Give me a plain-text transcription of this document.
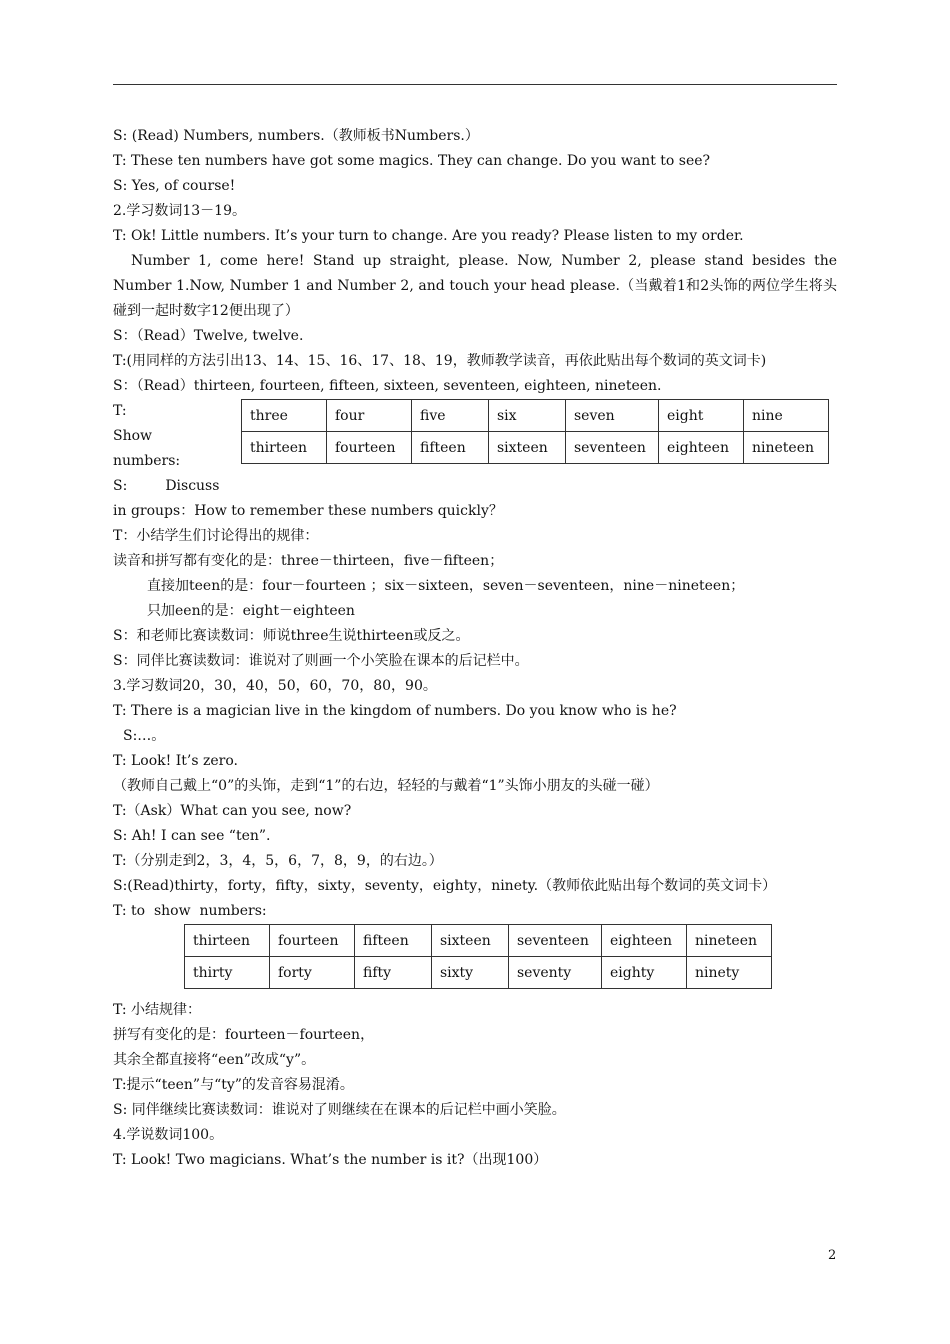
S: (Read) Numbers, numbers.（教师板书Numbers.）
T: These ten numbers have got some magics. They can change. Do you want to see?
S: Yes, of course!
2.学习数词13－19。
T: Ok! Little numbers. It’s your turn to change. Are you ready? Please listen to my order.
Number 1, come here! Stand up straight, please. Now, Number 2, please stand besides the Number 1.Now, Number 1 and Number 2, and touch your head please.（当戴着1和2头饰的两位学生将头碰到一起时数字12便出现了）
S：（Read）Twelve, twelve.
T:(用同样的方法引出13、14、15、16、17、18、19，教师教学读音，再依此贴出每个数词的英文词卡)
S：（Read）thirteen, fourteen, fifteen, sixteen, seventeen, eighteen, nineteen.
T:
Show
numbers:
S:	Discuss
three	four	five	six	seven	eight	nine
thirteen	fourteen	fifteen	sixteen	seventeen	eighteen	nineteen
in groups：How to remember these numbers quickly？
T：小结学生们讨论得出的规律：
读音和拼写都有变化的是：three－thirteen，five－fifteen；
直接加teen的是：four－fourteen ；six－sixteen，seven－seventeen，nine－nineteen；
只加een的是：eight－eighteen
S：和老师比赛读数词：师说three生说thirteen或反之。
S：同伴比赛读数词：谁说对了则画一个小笑脸在课本的后记栏中。
3.学习数词20，30，40，50，60，70，80，90。
T: There is a magician live in the kingdom of numbers. Do you know who is he?
S:…。
T: Look! It’s zero.
（教师自己戴上“0”的头饰，走到“1”的右边，轻轻的与戴着“1”头饰小朋友的头碰一碰）
T:（Ask）What can you see, now?
S: Ah! I can see “ten”.
T:（分别走到2，3，4，5，6，7，8，9，的右边。）
S:(Read)thirty，forty，fifty，sixty，seventy，eighty，ninety.（教师依此贴出每个数词的英文词卡）
T: to  show  numbers:
thirteen	fourteen	fifteen	sixteen	seventeen	eighteen	nineteen
thirty	forty	fifty	sixty	seventy	eighty	ninety
T: 小结规律：
拼写有变化的是：fourteen－fourteen，
其余全都直接将“een”改成“y”。
T:提示“teen”与“ty”的发音容易混淆。
S: 同伴继续比赛读数词：谁说对了则继续在在课本的后记栏中画小笑脸。
4.学说数词100。
T: Look! Two magicians. What’s the number is it?（出现100）
2
